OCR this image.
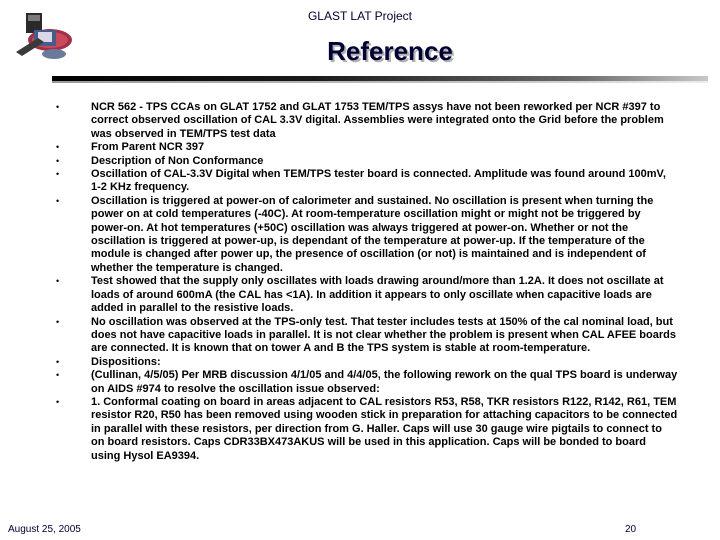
GLAST LAT Project
Reference
•	NCR 562 - TPS CCAs on GLAT 1752 and GLAT 1753 TEM/TPS assys have not been reworked per NCR #397 to correct observed oscillation of CAL 3.3V digital. Assemblies were integrated onto the Grid before the problem was observed in TEM/TPS test data
•	From Parent NCR 397
•	Description of Non Conformance
•	Oscillation of CAL-3.3V Digital when TEM/TPS tester board is connected. Amplitude was found around 100mV, 1-2 KHz frequency.
•	Oscillation is triggered at power-on of calorimeter and sustained. No oscillation is present when turning the power on at cold temperatures (-40C). At room-temperature oscillation might or might not be triggered by power-on. At hot temperatures (+50C) oscillation was always triggered at power-on. Whether or not the oscillation is triggered at power-up, is dependant of the temperature at power-up. If the temperature of the module is changed after power up, the presence of oscillation (or not) is maintained and is independent of whether the temperature is changed.
•	Test showed that the supply only oscillates with loads drawing around/more than 1.2A. It does not oscillate at loads of around 600mA (the CAL has <1A). In addition it appears to only oscillate when capacitive loads are added in parallel to the resistive loads.
•	No oscillation was observed at the TPS-only test. That tester includes tests at 150% of the cal nominal load, but does not have capacitive loads in parallel. It is not clear whether the problem is present when CAL AFEE boards are connected. It is known that on tower A and B the TPS system is stable at room-temperature.
•	Dispositions:
•	(Cullinan, 4/5/05) Per MRB discussion 4/1/05 and 4/4/05, the following rework on the qual TPS board is underway on AIDS #974 to resolve the oscillation issue observed:
•	1. Conformal coating on board in areas adjacent to CAL resistors R53, R58, TKR resistors R122, R142, R61, TEM resistor R20, R50 has been removed using wooden stick in preparation for attaching capacitors to be connected in parallel with these resistors, per direction from G. Haller. Caps will use 30 gauge wire pigtails to connect to on board resistors. Caps CDR33BX473AKUS will be used in this application. Caps will be bonded to board using Hysol EA9394.
August 25, 2005	20
